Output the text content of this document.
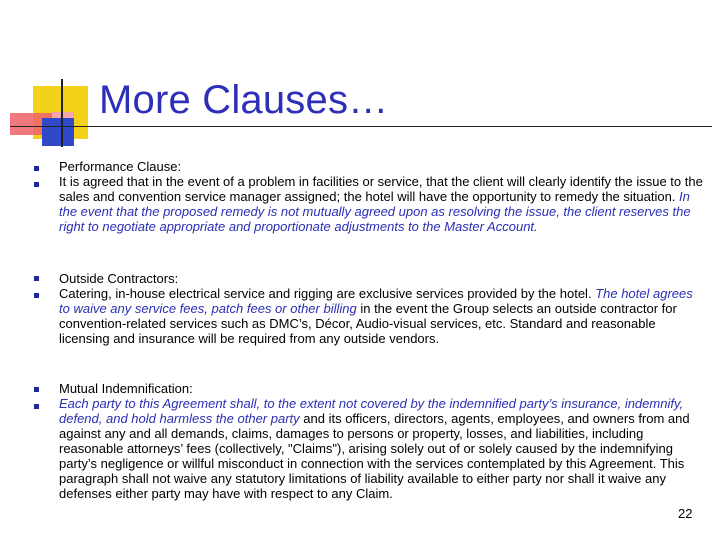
More Clauses…
Performance Clause:
It is agreed that in the event of a problem in facilities or service, that the client will clearly identify the issue to the sales and convention service manager assigned; the hotel will have the opportunity to remedy the situation. In the event that the proposed remedy is not mutually agreed upon as resolving the issue, the client reserves the right to negotiate appropriate and proportionate adjustments to the Master Account.
Outside Contractors:
Catering, in-house electrical service and rigging are exclusive services provided by the hotel. The hotel agrees to waive any service fees, patch fees or other billing in the event the Group selects an outside contractor for convention-related services such as DMC’s, Décor, Audio-visual services, etc. Standard and reasonable licensing and insurance will be required from any outside vendors.
Mutual Indemnification:
Each party to this Agreement shall, to the extent not covered by the indemnified party’s insurance, indemnify, defend, and hold harmless the other party and its officers, directors, agents, employees, and owners from and against any and all demands, claims, damages to persons or property, losses, and liabilities, including reasonable attorneys’ fees (collectively, "Claims"), arising solely out of or solely caused by the indemnifying party’s negligence or willful misconduct in connection with the services contemplated by this Agreement. This paragraph shall not waive any statutory limitations of liability available to either party nor shall it waive any defenses either party may have with respect to any Claim.
22
